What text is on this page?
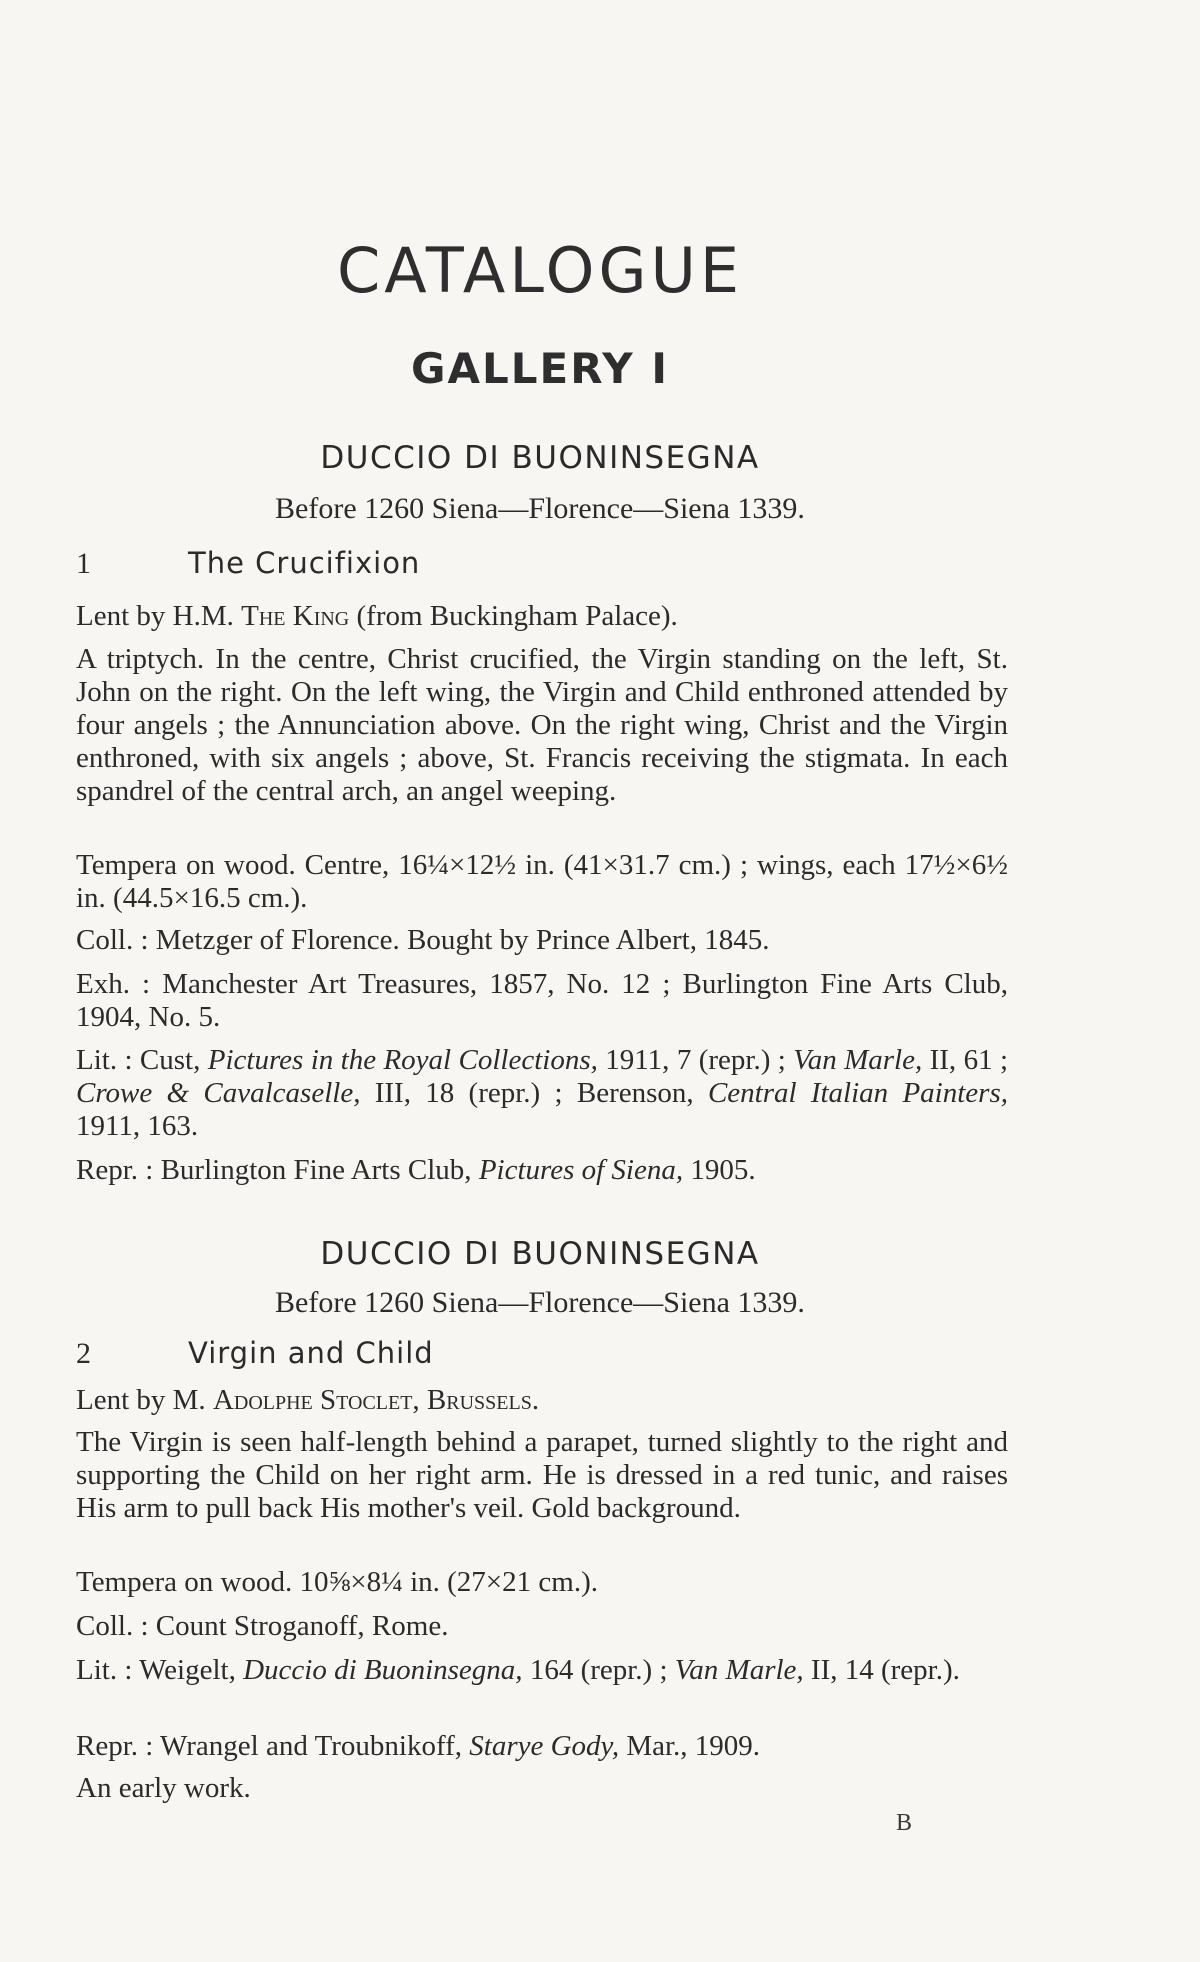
CATALOGUE
GALLERY I
DUCCIO DI BUONINSEGNA
Before 1260 Siena—Florence—Siena 1339.
1	The Crucifixion
Lent by H.M. The King (from Buckingham Palace).
A triptych. In the centre, Christ crucified, the Virgin standing on the left, St. John on the right. On the left wing, the Virgin and Child enthroned attended by four angels ; the Annunciation above. On the right wing, Christ and the Virgin enthroned, with six angels ; above, St. Francis receiving the stigmata. In each spandrel of the central arch, an angel weeping.
Tempera on wood. Centre, 16¼×12½ in. (41×31.7 cm.) ; wings, each 17½×6½ in. (44.5×16.5 cm.).
Coll. : Metzger of Florence. Bought by Prince Albert, 1845.
Exh. : Manchester Art Treasures, 1857, No. 12 ; Burlington Fine Arts Club, 1904, No. 5.
Lit. : Cust, Pictures in the Royal Collections, 1911, 7 (repr.) ; Van Marle, II, 61 ; Crowe & Cavalcaselle, III, 18 (repr.) ; Berenson, Central Italian Painters, 1911, 163.
Repr. : Burlington Fine Arts Club, Pictures of Siena, 1905.
DUCCIO DI BUONINSEGNA
Before 1260 Siena—Florence—Siena 1339.
2	Virgin and Child
Lent by M. Adolphe Stoclet, Brussels.
The Virgin is seen half-length behind a parapet, turned slightly to the right and supporting the Child on her right arm. He is dressed in a red tunic, and raises His arm to pull back His mother's veil. Gold background.
Tempera on wood. 10⅝×8¼ in. (27×21 cm.).
Coll. : Count Stroganoff, Rome.
Lit. : Weigelt, Duccio di Buoninsegna, 164 (repr.) ; Van Marle, II, 14 (repr.).
Repr. : Wrangel and Troubnikoff, Starye Gody, Mar., 1909.
An early work.
B
